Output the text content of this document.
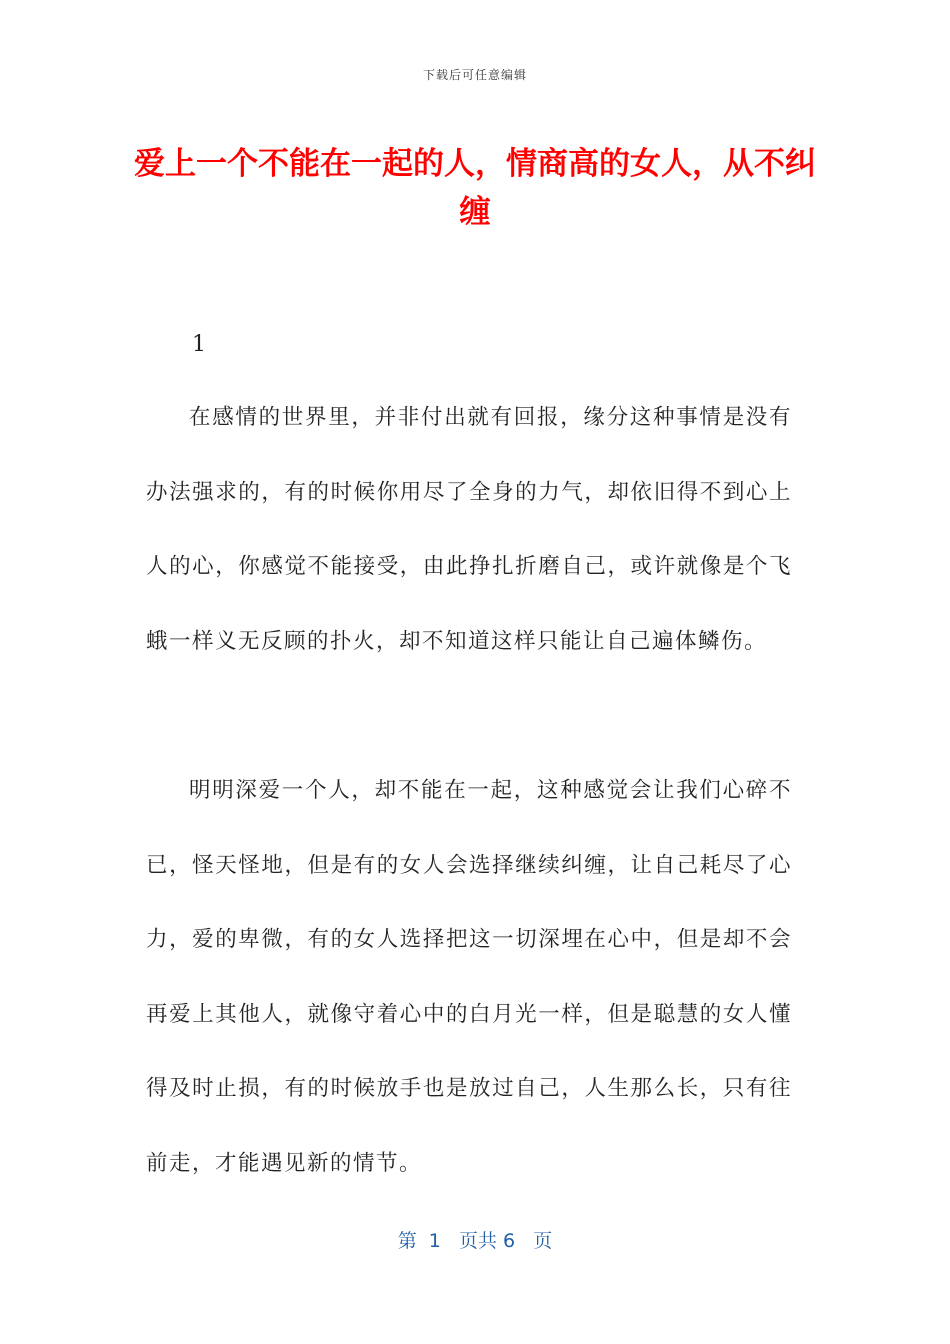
下载后可任意编辑
爱上一个不能在一起的人，情商高的女人，从不纠缠
1

在感情的世界里，并非付出就有回报，缘分这种事情是没有办法强求的，有的时候你用尽了全身的力气，却依旧得不到心上人的心，你感觉不能接受，由此挣扎折磨自己，或许就像是个飞蛾一样义无反顾的扑火，却不知道这样只能让自己遍体鳞伤。

明明深爱一个人，却不能在一起，这种感觉会让我们心碎不已，怪天怪地，但是有的女人会选择继续纠缠，让自己耗尽了心力，爱的卑微，有的女人选择把这一切深埋在心中，但是却不会再爱上其他人，就像守着心中的白月光一样，但是聪慧的女人懂得及时止损，有的时候放手也是放过自己，人生那么长，只有往前走，才能遇见新的情节。

第  1   页共 6   页
